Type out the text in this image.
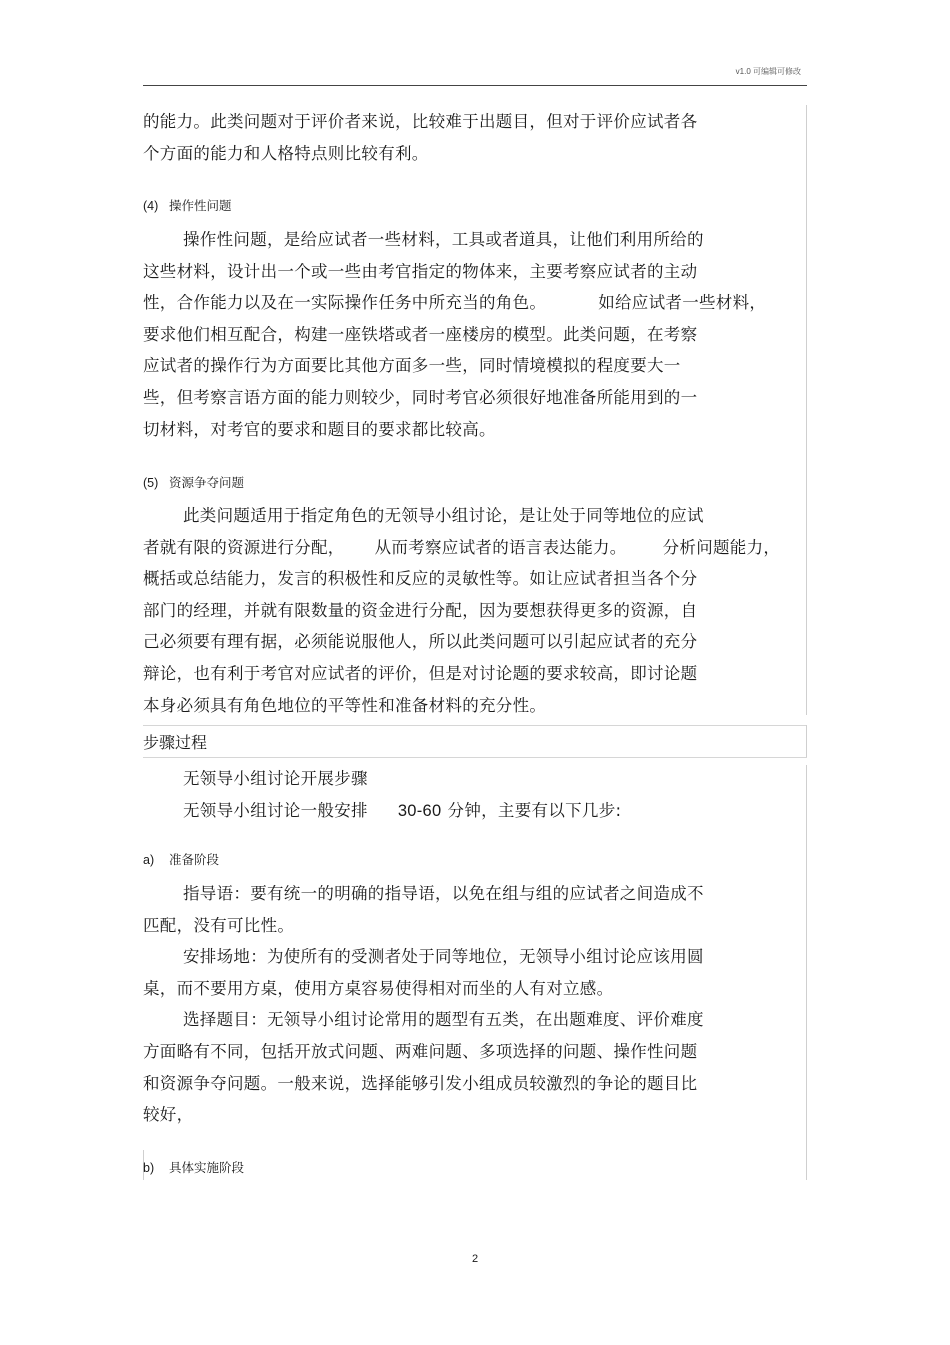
v1.0 可编辑可修改
的能力。此类问题对于评价者来说，比较难于出题目，但对于评价应试者各
个方面的能力和人格特点则比较有利。
(4) 操作性问题
操作性问题，是给应试者一些材料，工具或者道具，让他们利用所给的
这些材料，设计出一个或一些由考官指定的物体来，主要考察应试者的主动
性，合作能力以及在一实际操作任务中所充当的角色。	如给应试者一些材料，
要求他们相互配合，构建一座铁塔或者一座楼房的模型。此类问题，在考察
应试者的操作行为方面要比其他方面多一些，同时情境模拟的程度要大一
些，但考察言语方面的能力则较少，同时考官必须很好地准备所能用到的一
切材料，对考官的要求和题目的要求都比较高。
(5) 资源争夺问题
此类问题适用于指定角色的无领导小组讨论，是让处于同等地位的应试
者就有限的资源进行分配， 从而考察应试者的语言表达能力。 分析问题能力，
概括或总结能力，发言的积极性和反应的灵敏性等。如让应试者担当各个分
部门的经理，并就有限数量的资金进行分配，因为要想获得更多的资源，自
己必须要有理有据，必须能说服他人，所以此类问题可以引起应试者的充分
辩论，也有利于考官对应试者的评价，但是对讨论题的要求较高，即讨论题
本身必须具有角色地位的平等性和准备材料的充分性。
步骤过程
无领导小组讨论开展步骤
无领导小组讨论一般安排 30-60 分钟，主要有以下几步:
a) 准备阶段
指导语：要有统一的明确的指导语，以免在组与组的应试者之间造成不
匹配，没有可比性。
安排场地：为使所有的受测者处于同等地位，无领导小组讨论应该用圆
桌，而不要用方桌，使用方桌容易使得相对而坐的人有对立感。
选择题目：无领导小组讨论常用的题型有五类，在出题难度、评价难度
方面略有不同，包括开放式问题、两难问题、多项选择的问题、操作性问题
和资源争夺问题。一般来说，选择能够引发小组成员较激烈的争论的题目比
较好，
b) 具体实施阶段
2
